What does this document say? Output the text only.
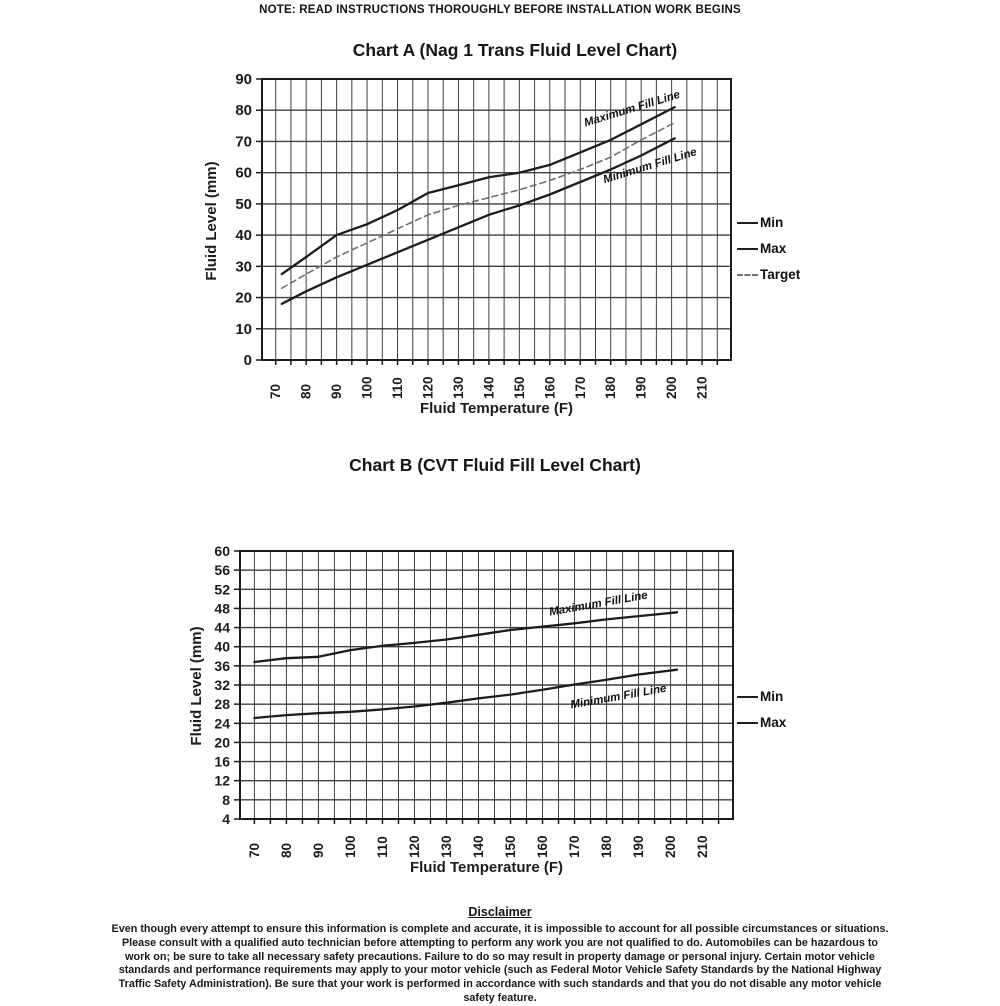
NOTE: READ INSTRUCTIONS THOROUGHLY BEFORE INSTALLATION WORK BEGINS
Chart A (Nag 1 Trans Fluid Level Chart)
0
10
20
30
40
50
60
70
80
90
70 80 90 100 110 120 130 140 150 160 170 180 190 200 210
Fluid Temperature (F)
Fluid Level (mm)
Maximum Fill Line
Minimum Fill Line
Min
Max
Target
Chart B (CVT Fluid Fill Level Chart)
4
8
12
16
20
24
28
32
36
40
44
48
52
56
60
70 80 90 100 110 120 130 140 150 160 170 180 190 200 210
Fluid Temperature (F)
Fluid Level (mm)
Maximum Fill Line
Minimum Fill Line	Min
Max
Disclaimer
Even though every attempt to ensure this information is complete and accurate, it is impossible to account for all possible circumstances or situations. Please consult with a qualified auto technician before attempting to perform any work you are not qualified to do. Automobiles can be hazardous to work on; be sure to take all necessary safety precautions. Failure to do so may result in property damage or personal injury. Certain motor vehicle standards and performance requirements may apply to your motor vehicle (such as Federal Motor Vehicle Safety Standards by the National Highway Traffic Safety Administration). Be sure that your work is performed in accordance with such standards and that you do not disable any motor vehicle safety feature.
